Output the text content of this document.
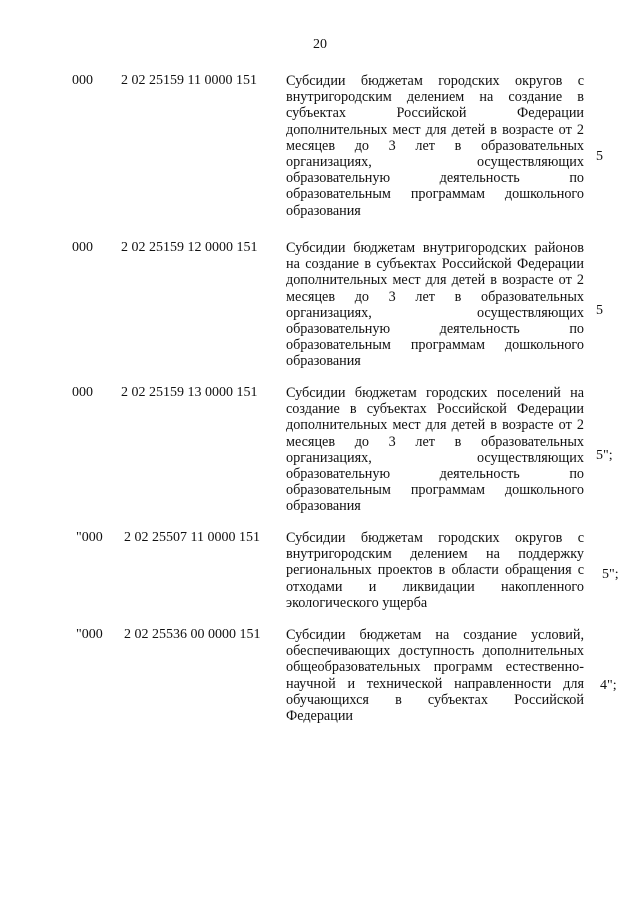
20
000 2 02 25159 11 0000 151 Субсидии бюджетам городских округов с внутригородским делением на создание в субъектах Российской Федерации дополнительных мест для детей в возрасте от 2 месяцев до 3 лет в образовательных организациях, осуществляющих образовательную деятельность по образовательным программам дошкольного образования
5
000 2 02 25159 12 0000 151 Субсидии бюджетам внутригородских районов на создание в субъектах Российской Федерации дополнительных мест для детей в возрасте от 2 месяцев до 3 лет в образовательных организациях, осуществляющих образовательную деятельность по образовательным программам дошкольного образования
5
000 2 02 25159 13 0000 151 Субсидии бюджетам городских поселений на создание в субъектах Российской Федерации дополнительных мест для детей в возрасте от 2 месяцев до 3 лет в образовательных организациях, осуществляющих образовательную деятельность по образовательным программам дошкольного образования
5";
"000 2 02 25507 11 0000 151 Субсидии бюджетам городских округов с внутригородским делением на поддержку региональных проектов в области обращения с отходами и ликвидации накопленного экологического ущерба
5";
"000 2 02 25536 00 0000 151 Субсидии бюджетам на создание условий, обеспечивающих доступность дополнительных общеобразовательных программ естественно-научной и технической направленности для обучающихся в субъектах Российской Федерации
4";
